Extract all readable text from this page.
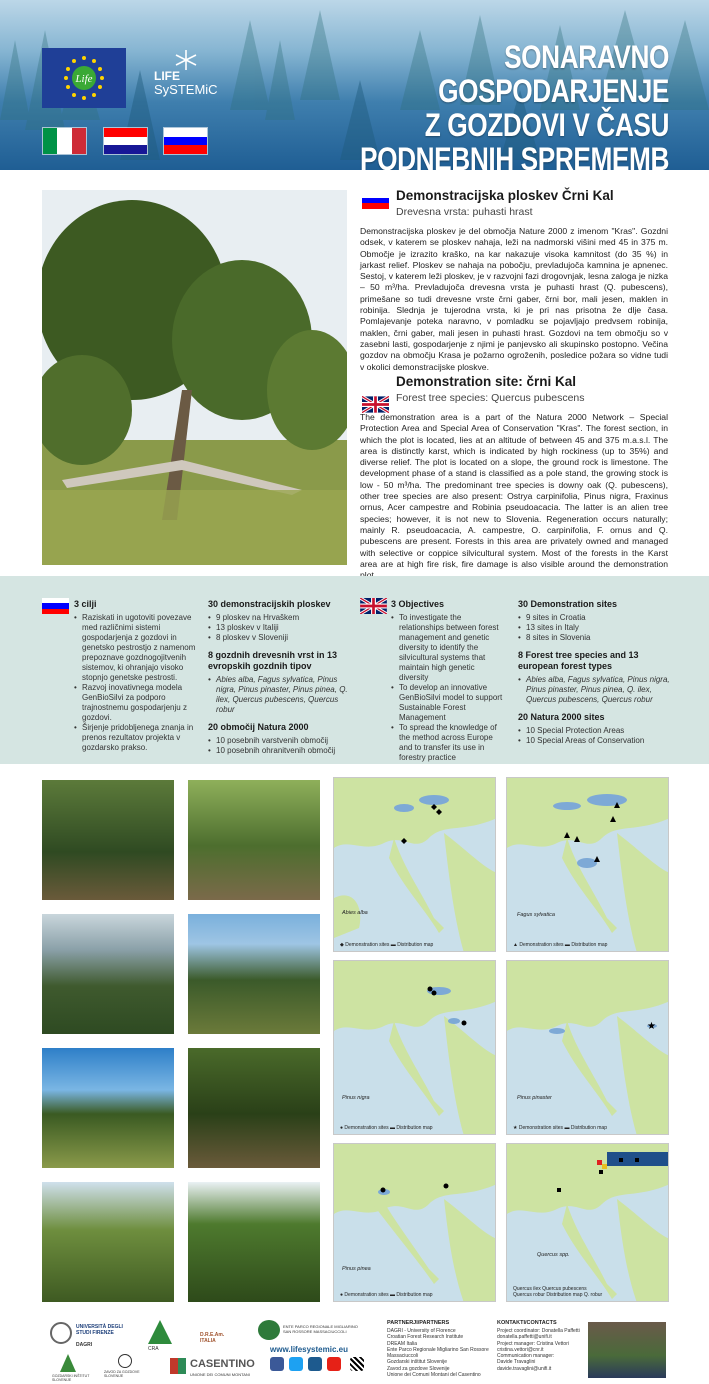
Life	LIFE
SySTEMiC
SONARAVNO GOSPODARJENJE
Z GOZDOVI V ČASU
PODNEBNIH SPREMEMB
Demonstracijska ploskev Črni Kal
Drevesna vrsta: puhasti hrast
Demonstracijska ploskev je del območja Nature 2000 z imenom "Kras". Gozdni odsek, v katerem se ploskev nahaja, leži na nadmorski višini med 45 in 375 m. Območje je izrazito kraško, na kar nakazuje visoka kamnitost (do 35 %) in jarkast relief. Ploskev se nahaja na pobočju, prevladujoča kamnina je apnenec. Sestoj, v katerem leži ploskev, je v razvojni fazi drogovnjak, lesna zaloga je nizka – 50 m³/ha. Prevladujoča drevesna vrsta je puhasti hrast (Q. pubescens), primešane so tudi drevesne vrste črni gaber, črni bor, mali jesen, maklen in robinija. Slednja je tujerodna vrsta, ki je pri nas prisotna že dlje časa. Pomlajevanje poteka naravno, v pomladku se pojavljajo predvsem robinija, maklen, črni gaber, mali jesen in puhasti hrast. Gozdovi na tem območju so v zasebni lasti, gospodarjenje z njimi je panjevsko ali skupinsko postopno. Večina gozdov na območju Krasa je požarno ogroženih, posledice požara so vidne tudi v okolici demonstracijske ploskve.
Demonstration site: črni Kal
Forest tree species: Quercus pubescens
The demonstration area is a part of the Natura 2000 Network – Special Protection Area and Special Area of Conservation "Kras". The forest section, in which the plot is located, lies at an altitude of between 45 and 375 m.a.s.l. The area is distinctly karst, which is indicated by high rockiness (up to 35%) and diverse relief. The plot is located on a slope, the ground rock is limestone. The development phase of a stand is classified as a pole stand, the growing stock is low - 50 m³/ha. The predominant tree species is downy oak (Q. pubescens), other tree species are also present: Ostrya carpinifolia, Pinus nigra, Fraxinus ornus, Acer campestre and Robinia pseudoacacia. The latter is an alien tree species; however, it is not new to Slovenia. Regeneration occurs naturally; mainly R. pseudoacacia, A. campestre, O. carpinifolia, F. ornus and Q. pubescens are present. Forests in this area are privately owned and managed with selective or coppice silvicultural system. Most of the forests in the Karst area are at high fire risk, fire damage is also visible around the demonstration
3 cilji
• Raziskati in ugotoviti povezave med različnimi sistemi gospodarjenja z gozdovi in genetsko pestrostjo z namenom prepoznave gozdnogojitvenih sistemov, ki ohranjajo visoko stopnjo genetske pestrosti.
• Razvoj inovativnega modela GenBioSilvi za podporo trajnostnemu gospodarjenju z gozdovi.
• Širjenje pridobljenega znanja in prenos rezultatov projekta v gozdarsko prakso.
30 demonstracijskih ploskev
• 9 ploskev na Hrvaškem
• 13 ploskev v Italiji
• 8 ploskev v Sloveniji
8 gozdnih drevesnih vrst in 13 evropskih gozdnih tipov
• Abies alba, Fagus sylvatica, Pinus nigra, Pinus pinaster, Pinus pinea, Q. ilex, Quercus pubescens, Quercus robur
20 območij Natura 2000
• 10 posebnih varstvenih območij
• 10 posebnih ohranitvenih območij
3 Objectives
• To investigate the relationships between forest management and genetic diversity to identify the silvicultural systems that maintain high genetic diversity
• To develop an innovative GenBioSilvi model to support Sustainable Forest Management
• To spread the knowledge of the method across Europe and to transfer its use in forestry practice
30 Demonstration sites
• 9 sites in Croatia
• 13 sites in Italy
• 8 sites in Slovenia
8 Forest tree species and 13 european forest types
• Abies alba, Fagus sylvatica, Pinus nigra, Pinus pinaster, Pinus pinea, Q. ilex, Quercus pubescens, Quercus robur
20 Natura 2000 sites
• 10 Special Protection Areas
• 10 Special Areas of Conservation
Abies alba
◆ Demonstration sites ▬ Distribution map
Fagus sylvatica
▲ Demonstration sites ▬ Distribution map
Pinus nigra
● Demonstration sites ▬ Distribution map
★
Pinus pinaster
★ Demonstration sites ▬ Distribution map
Pinus pinea
● Demonstration sites ▬ Distribution map
Quercus spp.
Quercus ilex Quercus pubescens
Quercus robur Distribution map Q. robur
UNIVERSITÀ DEGLI STUDI FIRENZE
DAGRI
CRA
D.R.E.Am. ITALIA
ENTE PARCO REGIONALE MIGLIARINO SAN ROSSORE MASSACIUCCOLI
GOZDARSKI INŠTITUT SLOVENIJE
ZAVOD ZA GOZDOVE SLOVENIJE
CASENTINO
UNIONE DEI COMUNI MONTANI
www.lifesystemic.eu
PARTNERJI/PARTNERS
DAGRI - University of Florence
Croatian Forest Research Institute
DREAM Italia
Ente Parco Regionale Migliarino San Rossore
Massaciuccoli
Gozdarski inštitut Slovenije
Zavod za gozdove Slovenije
Unione dei Comuni Montani del Casentino
KONTAKTI/CONTACTS
Project coordinator: Donatella Paffetti
donatella.paffetti@unifi.it
Project manager: Cristina Vettori
cristina.vettori@cnr.it
Communication manager:
Davide Travaglini
davide.travaglini@unifi.it
